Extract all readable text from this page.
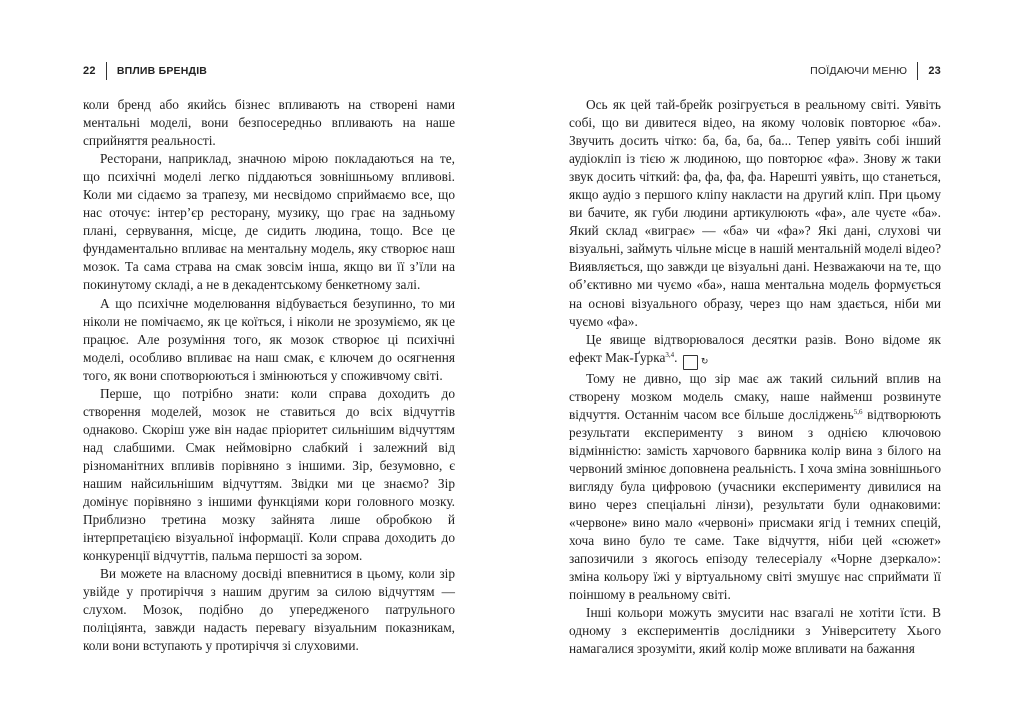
22 ВПЛИВ БРЕНДІВ

коли бренд або якийсь бізнес впливають на створені нами ментальні моделі, вони безпосередньо впливають на наше сприйняття реальності.

Ресторани, наприклад, значною мірою покладаються на те, що психічні моделі легко піддаються зовнішньому впливові. Коли ми сідаємо за трапезу, ми несвідомо сприймаємо все, що нас оточує: інтер’єр ресторану, музику, що грає на задньому плані, сервування, місце, де сидить людина, тощо. Все це фундаментально впливає на ментальну модель, яку створює наш мозок. Та сама страва на смак зовсім інша, якщо ви її з’їли на покинутому складі, а не в декадентському бенкетному залі.

А що психічне моделювання відбувається безупинно, то ми ніколи не помічаємо, як це коїться, і ніколи не зрозуміємо, як це працює. Але розуміння того, як мозок створює ці психічні моделі, особливо впливає на наш смак, є ключем до осягнення того, як вони спотворюються і змінюються у споживчому світі.

Перше, що потрібно знати: коли справа доходить до створення моделей, мозок не ставиться до всіх відчуттів однаково. Скоріш уже він надає пріоритет сильнішим відчуттям над слабшими. Смак неймовірно слабкий і залежний від різноманітних впливів порівняно з іншими. Зір, безумовно, є нашим найсильнішим відчуттям. Звідки ми це знаємо? Зір домінує порівняно з іншими функціями кори головного мозку. Приблизно третина мозку зайнята лише обробкою й інтерпретацією візуальної інформації. Коли справа доходить до конкуренції відчуттів, пальма першості за зором.

Ви можете на власному досвіді впевнитися в цьому, коли зір увійде у протиріччя з нашим другим за силою відчуттям — слухом. Мозок, подібно до упередженого патрульного поліціянта, завжди надасть перевагу візуальним показникам, коли вони вступають у протиріччя зі слуховими.

ПОЇДАЮЧИ МЕНЮ 23

Ось як цей тай-брейк розігрується в реальному світі. Уявіть собі, що ви дивитеся відео, на якому чоловік повторює «ба». Звучить досить чітко: ба, ба, ба, ба... Тепер уявіть собі інший аудіокліп із тією ж людиною, що повторює «фа». Знову ж таки звук досить чіткий: фа, фа, фа, фа. Нарешті уявіть, що станеться, якщо аудіо з першого кліпу накласти на другий кліп. При цьому ви бачите, як губи людини артикулюють «фа», але чуєте «ба». Який склад «виграє» — «ба» чи «фа»? Які дані, слухові чи візуальні, займуть чільне місце в нашій ментальній моделі відео? Виявляється, що завжди це візуальні дані. Незважаючи на те, що об’єктивно ми чуємо «ба», наша ментальна модель формується на основі візуального образу, через що нам здається, ніби ми чуємо «фа».

Це явище відтворювалося десятки разів. Воно відоме як ефект Мак-Ґурка$^{3,4}$.	↻

Тому не дивно, що зір має аж такий сильний вплив на створену мозком модель смаку, наше найменш розвинуте відчуття. Останнім часом все більше досліджень$^{5,6}$ відтворюють результати експерименту з вином з однією ключовою відмінністю: замість харчового барвника колір вина з білого на червоний змінює доповнена реальність. І хоча зміна зовнішнього вигляду була цифровою (учасники експерименту дивилися на вино через спеціальні лінзи), результати були однаковими: «червоне» вино мало «червоні» присмаки ягід і темних спецій, хоча вино було те саме. Таке відчуття, ніби цей «сюжет» запозичили з якогось епізоду телесеріалу «Чорне дзеркало»: зміна кольору їжі у віртуальному світі змушує нас сприймати її поіншому в реальному світі.

Інші кольори можуть змусити нас взагалі не хотіти їсти. В одному з експериментів дослідники з Університету Хього намагалися зрозуміти, який колір може впливати на бажання
